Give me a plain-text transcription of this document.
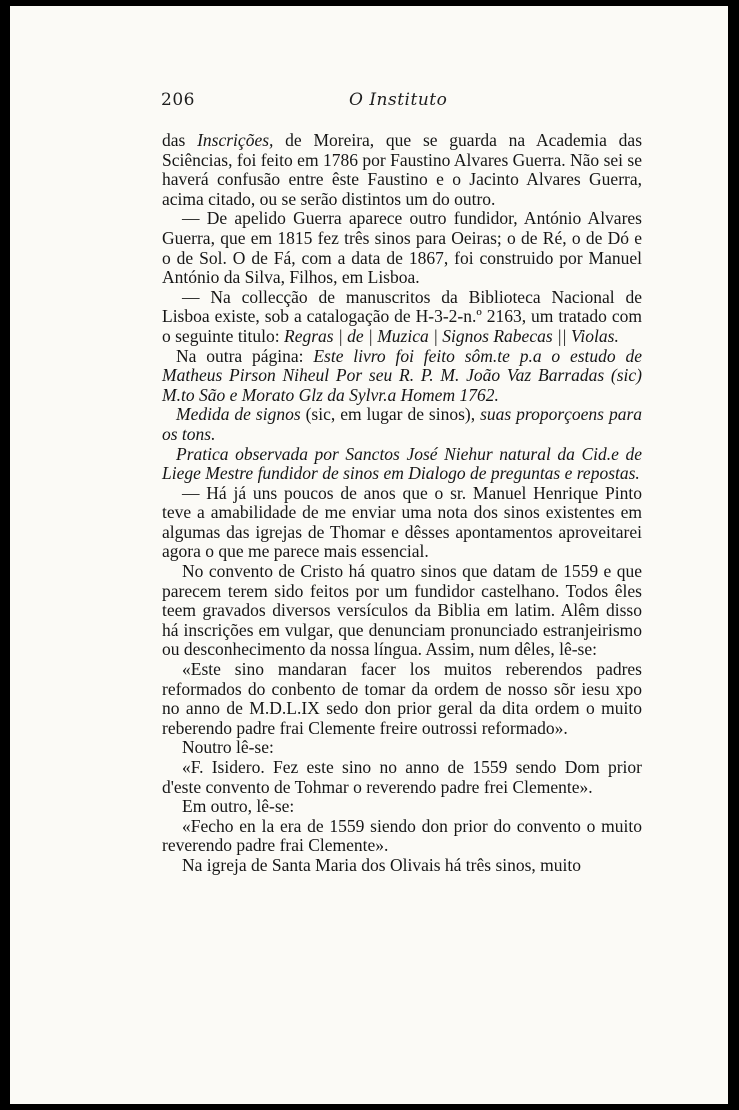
206	O Instituto

das Inscrições, de Moreira, que se guarda na Academia das Sciências, foi feito em 1786 por Faustino Alvares Guerra. Não sei se haverá confusão entre êste Faustino e o Jacinto Alvares Guerra, acima citado, ou se serão distintos um do outro.

— De apelido Guerra aparece outro fundidor, António Alvares Guerra, que em 1815 fez três sinos para Oeiras; o de Ré, o de Dó e o de Sol. O de Fá, com a data de 1867, foi construido por Manuel António da Silva, Filhos, em Lisboa.

— Na collecção de manuscritos da Biblioteca Nacional de Lisboa existe, sob a catalogação de H-3-2-n.º 2163, um tratado com o seguinte titulo: Regras | de | Muzica | Signos Rabecas || Violas.

Na outra página: Este livro foi feito sôm.te p.a o estudo de Matheus Pirson Niheul Por seu R. P. M. João Vaz Barradas (sic) M.to São e Morato Glz da Sylvr.a Homem 1762.

Medida de signos (sic, em lugar de sinos), suas proporçoens para os tons.

Pratica observada por Sanctos José Niehur natural da Cid.e de Liege Mestre fundidor de sinos em Dialogo de preguntas e repostas.

— Há já uns poucos de anos que o sr. Manuel Henrique Pinto teve a amabilidade de me enviar uma nota dos sinos existentes em algumas das igrejas de Thomar e dêsses apontamentos aproveitarei agora o que me parece mais essencial.

No convento de Cristo há quatro sinos que datam de 1559 e que parecem terem sido feitos por um fundidor castelhano. Todos êles teem gravados diversos versículos da Biblia em latim. Alêm disso há inscrições em vulgar, que denunciam pronunciado estranjeirismo ou desconhecimento da nossa língua. Assim, num dêles, lê-se:

«Este sino mandaran facer los muitos reberendos padres reformados do conbento de tomar da ordem de nosso sõr iesu xpo no anno de M.D.L.IX sedo don prior geral da dita ordem o muito reberendo padre frai Clemente freire outrossi reformado».

Noutro lê-se:

«F. Isidero. Fez este sino no anno de 1559 sendo Dom prior d'este convento de Tohmar o reverendo padre frei Clemente».

Em outro, lê-se:

«Fecho en la era de 1559 siendo don prior do convento o muito reverendo padre frai Clemente».

Na igreja de Santa Maria dos Olivais há três sinos, muito
